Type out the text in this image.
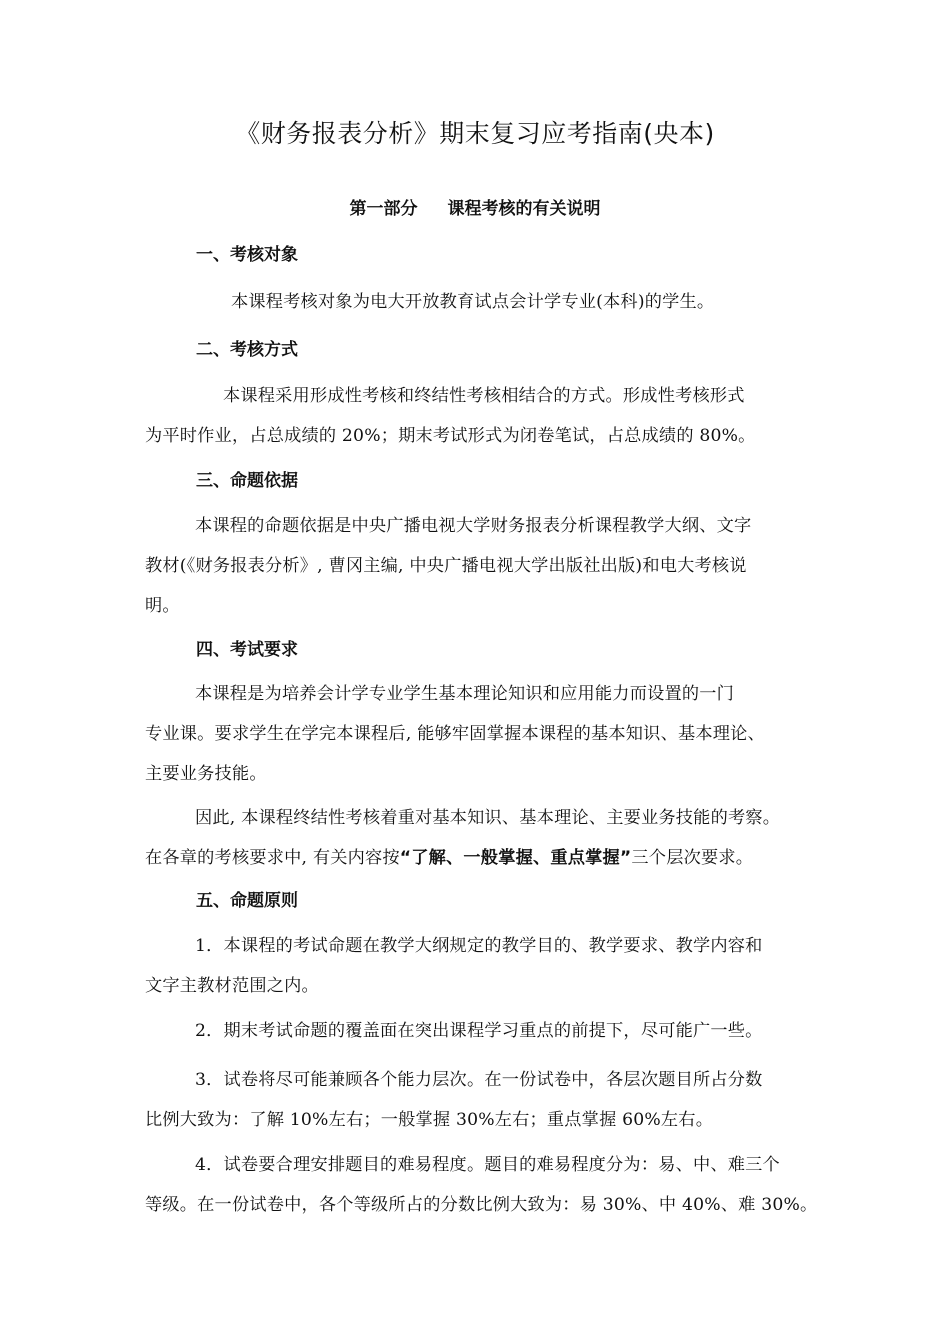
《财务报表分析》期末复习应考指南(央本)
第一部分 课程考核的有关说明
一、考核对象
本课程考核对象为电大开放教育试点会计学专业(本科)的学生。
二、考核方式
本课程采用形成性考核和终结性考核相结合的方式。形成性考核形式
为平时作业，占总成绩的 20%；期末考试形式为闭卷笔试，占总成绩的 80%。
三、命题依据
本课程的命题依据是中央广播电视大学财务报表分析课程教学大纲、文字
教材(《财务报表分析》, 曹冈主编, 中央广播电视大学出版社出版)和电大考核说
明。
四、考试要求
本课程是为培养会计学专业学生基本理论知识和应用能力而设置的一门
专业课。要求学生在学完本课程后, 能够牢固掌握本课程的基本知识、基本理论、
主要业务技能。
因此, 本课程终结性考核着重对基本知识、基本理论、主要业务技能的考察。
在各章的考核要求中, 有关内容按“了解、一般掌握、重点掌握”三个层次要求。
五、命题原则
1．本课程的考试命题在教学大纲规定的教学目的、教学要求、教学内容和
文字主教材范围之内。
2．期末考试命题的覆盖面在突出课程学习重点的前提下，尽可能广一些。
3．试卷将尽可能兼顾各个能力层次。在一份试卷中，各层次题目所占分数
比例大致为：了解 10%左右；一般掌握 30%左右；重点掌握 60%左右。
4．试卷要合理安排题目的难易程度。题目的难易程度分为：易、中、难三个
等级。在一份试卷中，各个等级所占的分数比例大致为：易 30%、中 40%、难 30%。
